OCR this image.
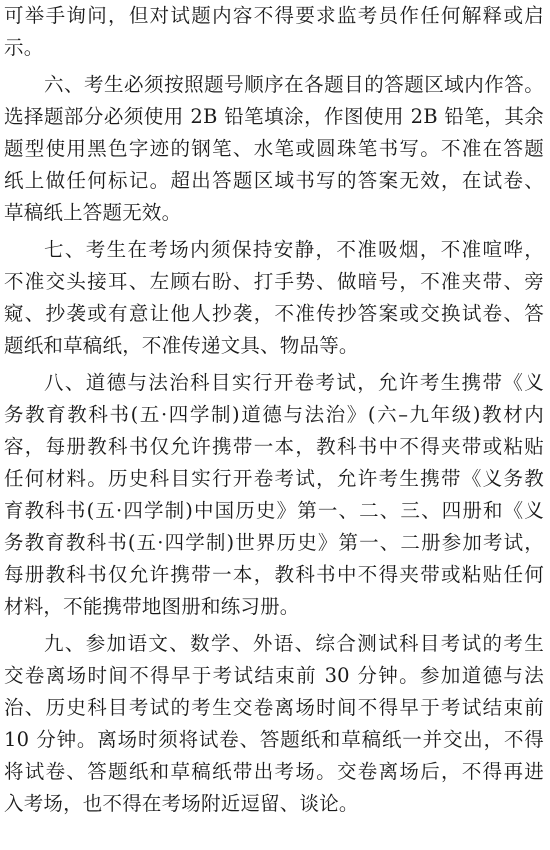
可举手询问，但对试题内容不得要求监考员作任何解释或启
示。
六、考生必须按照题号顺序在各题目的答题区域内作答。
选择题部分必须使用 2B 铅笔填涂，作图使用 2B 铅笔，其余
题型使用黑色字迹的钢笔、水笔或圆珠笔书写。不准在答题
纸上做任何标记。超出答题区域书写的答案无效，在试卷、
草稿纸上答题无效。
七、考生在考场内须保持安静，不准吸烟，不准喧哗，
不准交头接耳、左顾右盼、打手势、做暗号，不准夹带、旁
窥、抄袭或有意让他人抄袭，不准传抄答案或交换试卷、答
题纸和草稿纸，不准传递文具、物品等。
八、道德与法治科目实行开卷考试，允许考生携带《义
务教育教科书(五·四学制)道德与法治》(六–九年级)教材内
容，每册教科书仅允许携带一本，教科书中不得夹带或粘贴
任何材料。历史科目实行开卷考试，允许考生携带《义务教
育教科书(五·四学制)中国历史》第一、二、三、四册和《义
务教育教科书(五·四学制)世界历史》第一、二册参加考试，
每册教科书仅允许携带一本，教科书中不得夹带或粘贴任何
材料，不能携带地图册和练习册。
九、参加语文、数学、外语、综合测试科目考试的考生
交卷离场时间不得早于考试结束前 30 分钟。参加道德与法
治、历史科目考试的考生交卷离场时间不得早于考试结束前
10 分钟。离场时须将试卷、答题纸和草稿纸一并交出，不得
将试卷、答题纸和草稿纸带出考场。交卷离场后，不得再进
入考场，也不得在考场附近逗留、谈论。
